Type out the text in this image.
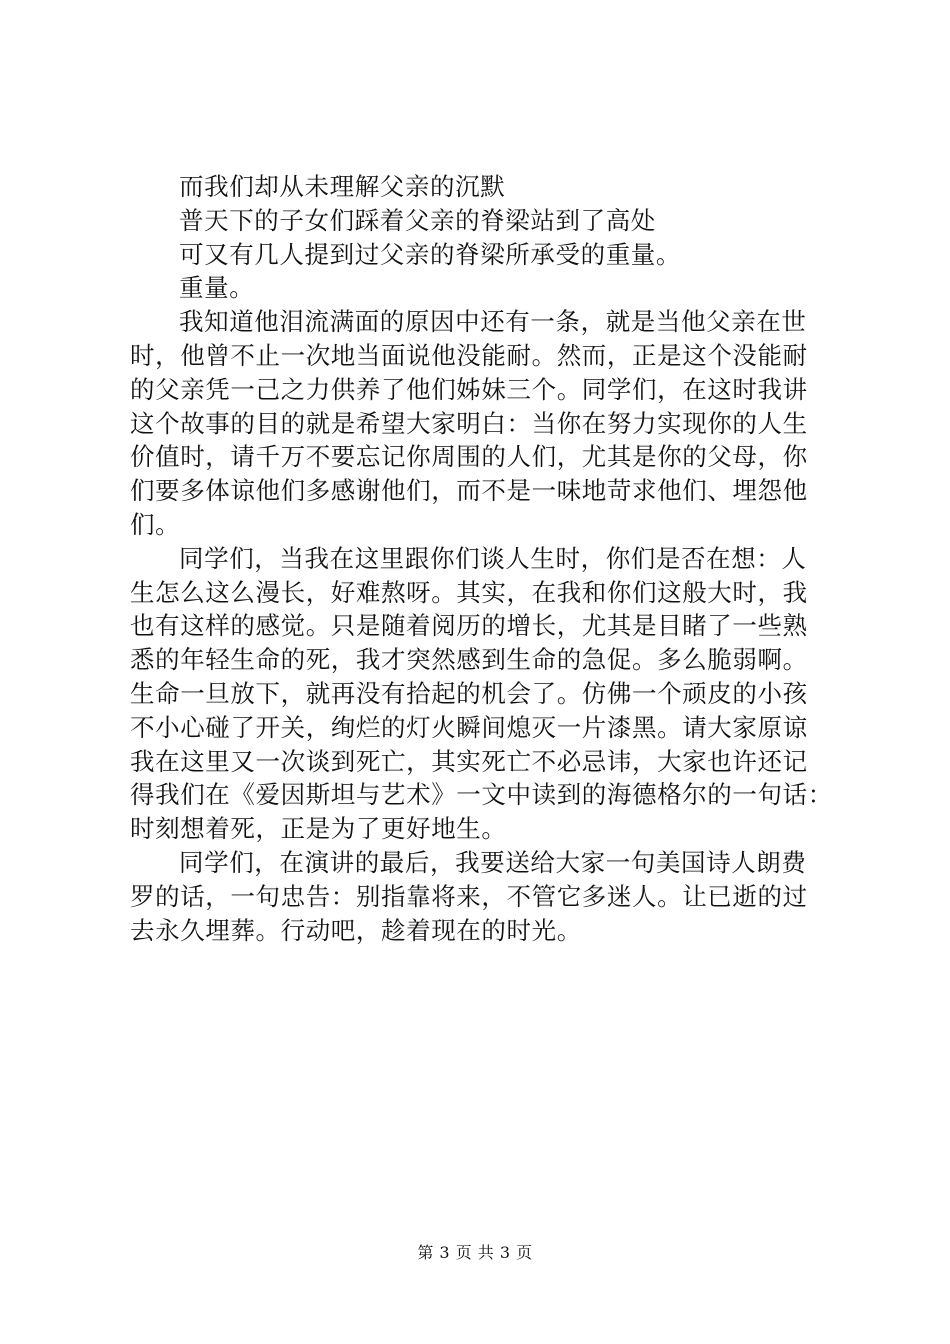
而我们却从未理解父亲的沉默
普天下的子女们踩着父亲的脊梁站到了高处
可又有几人提到过父亲的脊梁所承受的重量。
重量。
我知道他泪流满面的原因中还有一条，就是当他父亲在世
时，他曾不止一次地当面说他没能耐。然而，正是这个没能耐
的父亲凭一己之力供养了他们姊妹三个。同学们，在这时我讲
这个故事的目的就是希望大家明白：当你在努力实现你的人生
价值时，请千万不要忘记你周围的人们，尤其是你的父母，你
们要多体谅他们多感谢他们，而不是一味地苛求他们、埋怨他
们。
同学们，当我在这里跟你们谈人生时，你们是否在想：人
生怎么这么漫长，好难熬呀。其实，在我和你们这般大时，我
也有这样的感觉。只是随着阅历的增长，尤其是目睹了一些熟
悉的年轻生命的死，我才突然感到生命的急促。多么脆弱啊。
生命一旦放下，就再没有拾起的机会了。仿佛一个顽皮的小孩
不小心碰了开关，绚烂的灯火瞬间熄灭一片漆黑。请大家原谅
我在这里又一次谈到死亡，其实死亡不必忌讳，大家也许还记
得我们在《爱因斯坦与艺术》一文中读到的海德格尔的一句话：
时刻想着死，正是为了更好地生。
同学们，在演讲的最后，我要送给大家一句美国诗人朗费
罗的话，一句忠告：别指靠将来，不管它多迷人。让已逝的过
去永久埋葬。行动吧，趁着现在的时光。
第 3 页 共 3 页
